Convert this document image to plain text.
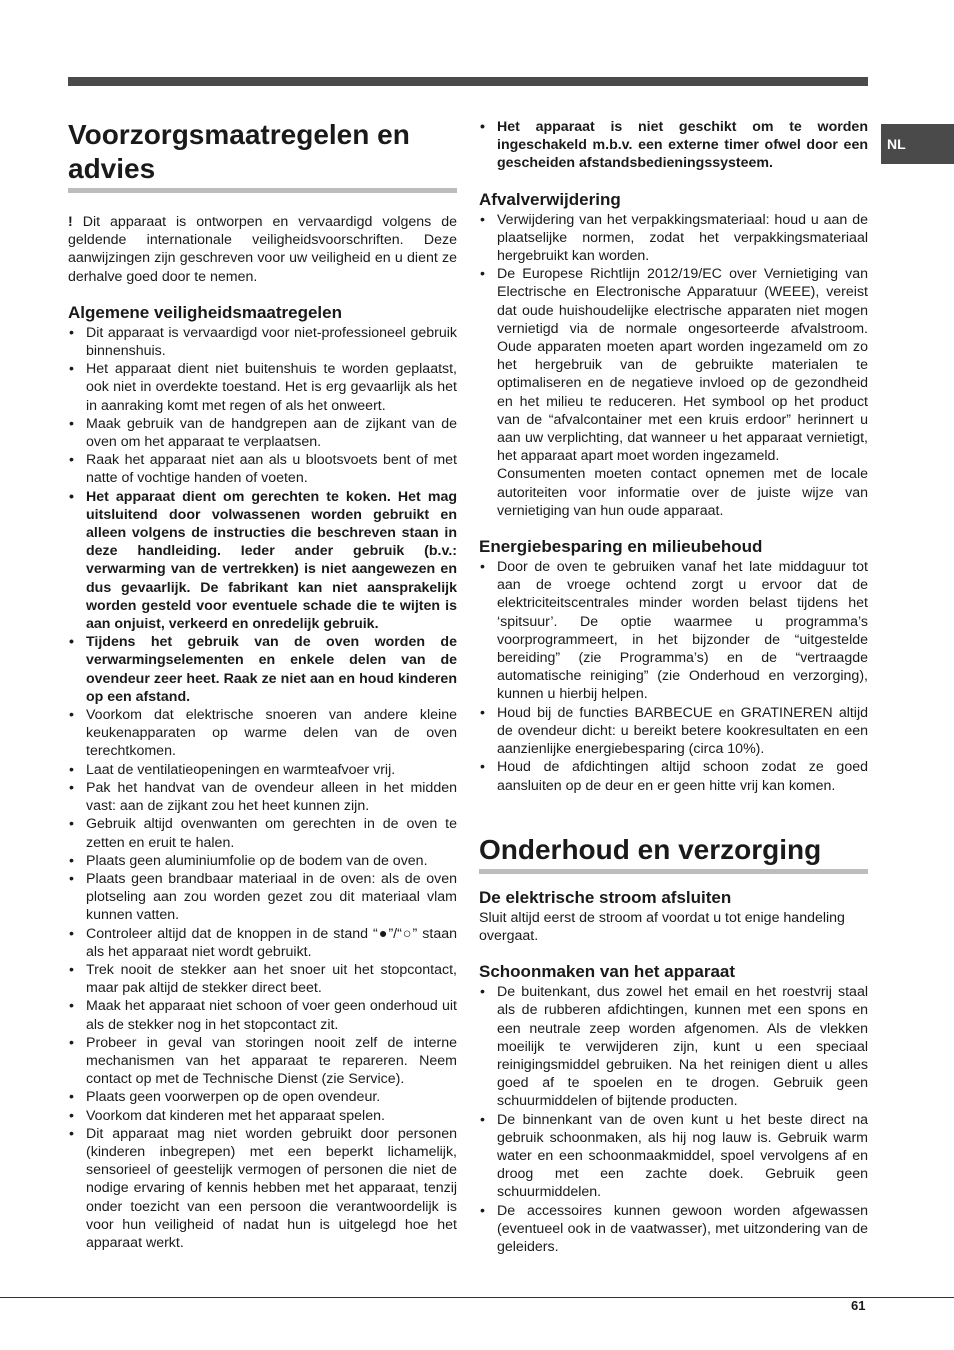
NL
Voorzorgsmaatregelen en advies

! Dit apparaat is ontworpen en vervaardigd volgens de geldende internationale veiligheidsvoorschriften. Deze aanwijzingen zijn geschreven voor uw veiligheid en u dient ze derhalve goed door te nemen.

Algemene veiligheidsmaatregelen
• Dit apparaat is vervaardigd voor niet-professioneel gebruik binnenshuis.
• Het apparaat dient niet buitenshuis te worden geplaatst, ook niet in overdekte toestand. Het is erg gevaarlijk als het in aanraking komt met regen of als het onweert.
• Maak gebruik van de handgrepen aan de zijkant van de oven om het apparaat te verplaatsen.
• Raak het apparaat niet aan als u blootsvoets bent of met natte of vochtige handen of voeten.
• Het apparaat dient om gerechten te koken. Het mag uitsluitend door volwassenen worden gebruikt en alleen volgens de instructies die beschreven staan in deze handleiding. Ieder ander gebruik (b.v.: verwarming van de vertrekken) is niet aangewezen en dus gevaarlijk. De fabrikant kan niet aansprakelijk worden gesteld voor eventuele schade die te wijten is aan onjuist, verkeerd en onredelijk gebruik.
• Tijdens het gebruik van de oven worden de verwarmingselementen en enkele delen van de ovendeur zeer heet. Raak ze niet aan en houd kinderen op een afstand.
• Voorkom dat elektrische snoeren van andere kleine keukenapparaten op warme delen van de oven terechtkomen.
• Laat de ventilatieopeningen en warmteafvoer vrij.
• Pak het handvat van de ovendeur alleen in het midden vast: aan de zijkant zou het heet kunnen zijn.
• Gebruik altijd ovenwanten om gerechten in de oven te zetten en eruit te halen.
• Plaats geen aluminiumfolie op de bodem van de oven.
• Plaats geen brandbaar materiaal in de oven: als de oven plotseling aan zou worden gezet zou dit materiaal vlam kunnen vatten.
• Controleer altijd dat de knoppen in de stand “●”/“○” staan als het apparaat niet wordt gebruikt.
• Trek nooit de stekker aan het snoer uit het stopcontact, maar pak altijd de stekker direct beet.
• Maak het apparaat niet schoon of voer geen onderhoud uit als de stekker nog in het stopcontact zit.
• Probeer in geval van storingen nooit zelf de interne mechanismen van het apparaat te repareren. Neem contact op met de Technische Dienst (zie Service).
• Plaats geen voorwerpen op de open ovendeur.
• Voorkom dat kinderen met het apparaat spelen.
• Dit apparaat mag niet worden gebruikt door personen (kinderen inbegrepen) met een beperkt lichamelijk, sensorieel of geestelijk vermogen of personen die niet de nodige ervaring of kennis hebben met het apparaat, tenzij onder toezicht van een persoon die verantwoordelijk is voor hun veiligheid of nadat hun is uitgelegd hoe het apparaat werkt.
• Het apparaat is niet geschikt om te worden ingeschakeld m.b.v. een externe timer ofwel door een gescheiden afstandsbedieningssysteem.
Afvalverwijdering
• Verwijdering van het verpakkingsmateriaal: houd u aan de plaatselijke normen, zodat het verpakkingsmateriaal hergebruikt kan worden.
• De Europese Richtlijn 2012/19/EC over Vernietiging van Electrische en Electronische Apparatuur (WEEE), vereist dat oude huishoudelijke electrische apparaten niet mogen vernietigd via de normale ongesorteerde afvalstroom. Oude apparaten moeten apart worden ingezameld om zo het hergebruik van de gebruikte materialen te optimaliseren en de negatieve invloed op de gezondheid en het milieu te reduceren. Het symbool op het product van de “afvalcontainer met een kruis erdoor” herinnert u aan uw verplichting, dat wanneer u het apparaat vernietigt, het apparaat apart moet worden ingezameld.

Consumenten moeten contact opnemen met de locale autoriteiten voor informatie over de juiste wijze van vernietiging van hun oude apparaat.

Energiebesparing en milieubehoud
• Door de oven te gebruiken vanaf het late middaguur tot aan de vroege ochtend zorgt u ervoor dat de elektriciteitscentrales minder worden belast tijdens het ‘spitsuur’. De optie waarmee u programma’s voorprogrammeert, in het bijzonder de “uitgestelde bereiding” (zie Programma’s) en de “vertraagde automatische reiniging” (zie Onderhoud en verzorging), kunnen u hierbij helpen.
• Houd bij de functies BARBECUE en GRATINEREN altijd de ovendeur dicht: u bereikt betere kookresultaten en een aanzienlijke energiebesparing (circa 10%).
• Houd de afdichtingen altijd schoon zodat ze goed aansluiten op de deur en er geen hitte vrij kan komen.
Onderhoud en verzorging
De elektrische stroom afsluiten

Sluit altijd eerst de stroom af voordat u tot enige handeling overgaat.

Schoonmaken van het apparaat
• De buitenkant, dus zowel het email en het roestvrij staal als de rubberen afdichtingen, kunnen met een spons en een neutrale zeep worden afgenomen. Als de vlekken moeilijk te verwijderen zijn, kunt u een speciaal reinigingsmiddel gebruiken. Na het reinigen dient u alles goed af te spoelen en te drogen. Gebruik geen schuurmiddelen of bijtende producten.
• De binnenkant van de oven kunt u het beste direct na gebruik schoonmaken, als hij nog lauw is. Gebruik warm water en een schoonmaakmiddel, spoel vervolgens af en droog met een zachte doek. Gebruik geen schuurmiddelen.
• De accessoires kunnen gewoon worden afgewassen (eventueel ook in de vaatwasser), met uitzondering van de geleiders.
61
